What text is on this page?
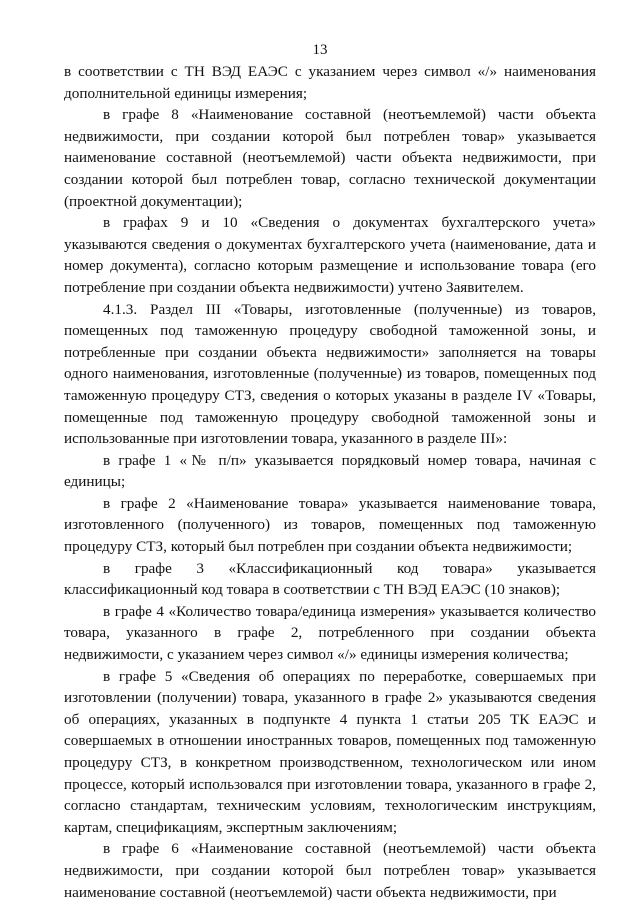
13

в соответствии с ТН ВЭД ЕАЭС с указанием через символ «/» наименования дополнительной единицы измерения;

в графе 8 «Наименование составной (неотъемлемой) части объекта недвижимости, при создании которой был потреблен товар» указывается наименование составной (неотъемлемой) части объекта недвижимости, при создании которой был потреблен товар, согласно технической документации (проектной документации);

в графах 9 и 10 «Сведения о документах бухгалтерского учета» указываются сведения о документах бухгалтерского учета (наименование, дата и номер документа), согласно которым размещение и использование товара (его потребление при создании объекта недвижимости) учтено Заявителем.

4.1.3. Раздел III «Товары, изготовленные (полученные) из товаров, помещенных под таможенную процедуру свободной таможенной зоны, и потребленные при создании объекта недвижимости» заполняется на товары одного наименования, изготовленные (полученные) из товаров, помещенных под таможенную процедуру СТЗ, сведения о которых указаны в разделе IV «Товары, помещенные под таможенную процедуру свободной таможенной зоны и использованные при изготовлении товара, указанного в разделе III»:

в графе 1 «№ п/п» указывается порядковый номер товара, начиная с единицы;

в графе 2 «Наименование товара» указывается наименование товара, изготовленного (полученного) из товаров, помещенных под таможенную процедуру СТЗ, который был потреблен при создании объекта недвижимости;

в графе 3 «Классификационный код товара» указывается классификационный код товара в соответствии с ТН ВЭД ЕАЭС (10 знаков);

в графе 4 «Количество товара/единица измерения» указывается количество товара, указанного в графе 2, потребленного при создании объекта недвижимости, с указанием через символ «/» единицы измерения количества;

в графе 5 «Сведения об операциях по переработке, совершаемых при изготовлении (получении) товара, указанного в графе 2» указываются сведения об операциях, указанных в подпункте 4 пункта 1 статьи 205 ТК ЕАЭС и совершаемых в отношении иностранных товаров, помещенных под таможенную процедуру СТЗ, в конкретном производственном, технологическом или ином процессе, который использовался при изготовлении товара, указанного в графе 2, согласно стандартам, техническим условиям, технологическим инструкциям, картам, спецификациям, экспертным заключениям;

в графе 6 «Наименование составной (неотъемлемой) части объекта недвижимости, при создании которой был потреблен товар» указывается наименование составной (неотъемлемой) части объекта недвижимости, при
